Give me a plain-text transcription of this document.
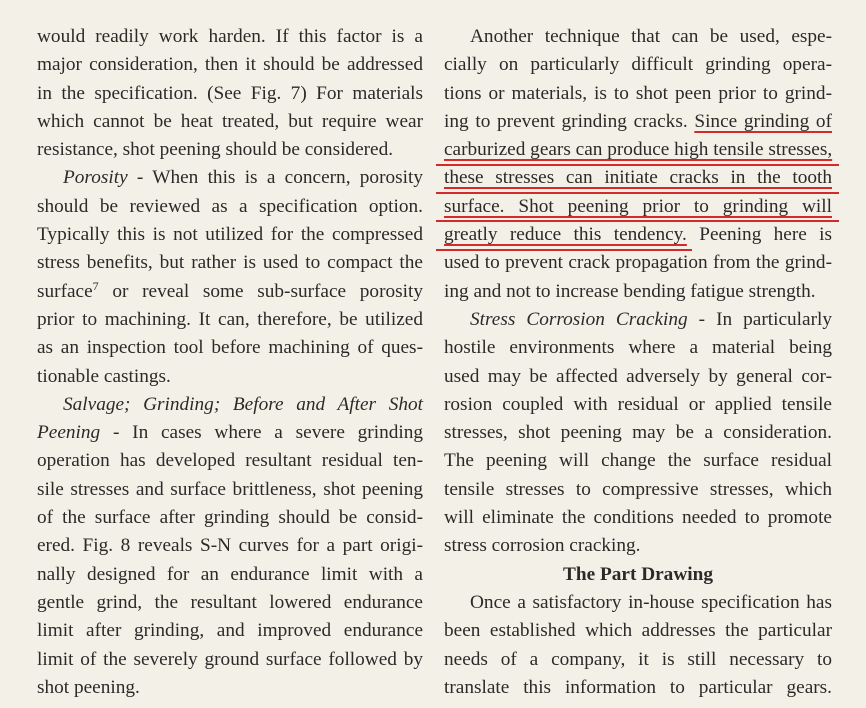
would readily work harden. If this factor is a
major consideration, then it should be addressed
in the specification. (See Fig. 7) For materials
which cannot be heat treated, but require wear
resistance, shot peening should be considered.
Porosity - When this is a concern, porosity
should be reviewed as a specification option.
Typically this is not utilized for the compressed
stress benefits, but rather is used to compact the
surface$^7$ or reveal some sub-surface porosity
prior to machining. It can, therefore, be utilized
as an inspection tool before machining of ques-
tionable castings.
Salvage; Grinding; Before and After Shot
Peening - In cases where a severe grinding
operation has developed resultant residual ten-
sile stresses and surface brittleness, shot peening
of the surface after grinding should be consid-
ered. Fig. 8 reveals S-N curves for a part origi-
nally designed for an endurance limit with a
gentle grind, the resultant lowered endurance
limit after grinding, and improved endurance
limit of the severely ground surface followed by
shot peening.
Another technique that can be used, espe-
cially on particularly difficult grinding opera-
tions or materials, is to shot peen prior to grind-
ing to prevent grinding cracks. Since grinding of
carburized gears can produce high tensile stresses,
these stresses can initiate cracks in the tooth
surface. Shot peening prior to grinding will
greatly reduce this tendency. Peening here is
used to prevent crack propagation from the grind-
ing and not to increase bending fatigue strength.
Stress Corrosion Cracking - In particularly
hostile environments where a material being
used may be affected adversely by general cor-
rosion coupled with residual or applied tensile
stresses, shot peening may be a consideration.
The peening will change the surface residual
tensile stresses to compressive stresses, which
will eliminate the conditions needed to promote
stress corrosion cracking.
The Part Drawing
Once a satisfactory in-house specification has
been established which addresses the particular
needs of a company, it is still necessary to
translate this information to particular gears.
